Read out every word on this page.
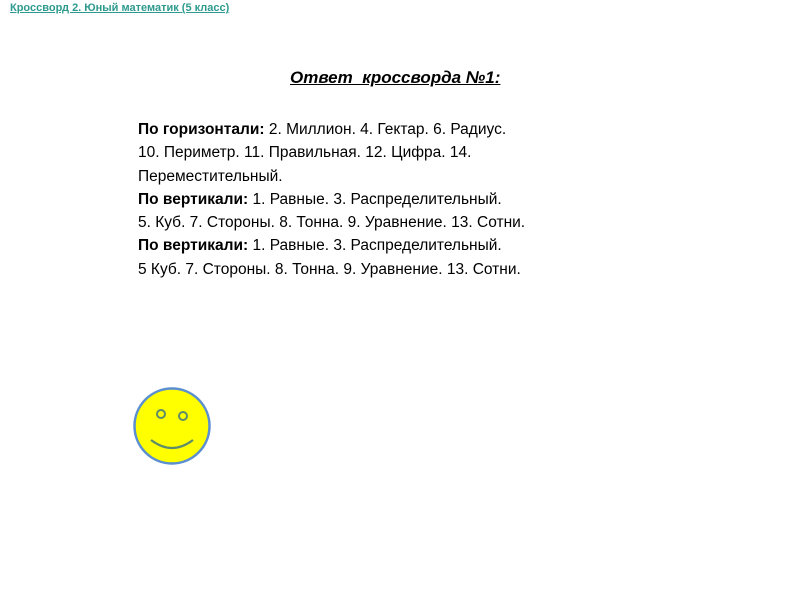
Кроссворд 2. Юный математик (5 класс)
Ответ  кроссворда №1:
По горизонтали: 2. Миллион. 4. Гектар. 6. Радиус.
10. Периметр. 11. Правильная. 12. Цифра. 14.
Переместительный.
По вертикали: 1. Равные. 3. Распределительный.
5. Куб. 7. Стороны. 8. Тонна. 9. Уравнение. 13. Сотни.
По вертикали: 1. Равные. 3. Распределительный.
5 Куб. 7. Стороны. 8. Тонна. 9. Уравнение. 13. Сотни.
